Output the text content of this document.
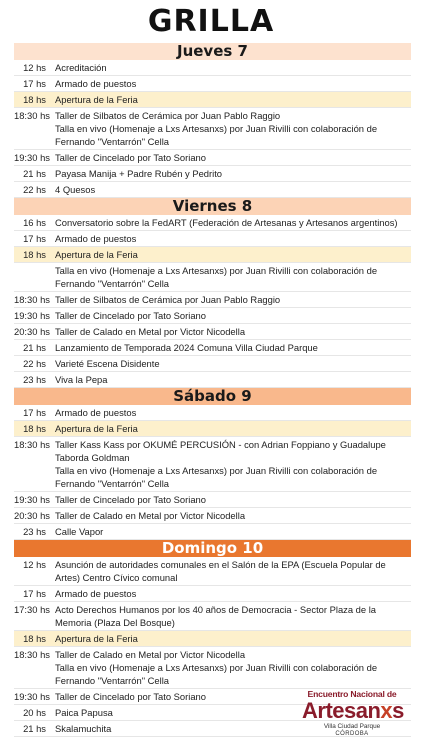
GRILLA
Jueves 7
12 hs Acreditación
17 hs Armado de puestos
18 hs Apertura de la Feria
18:30 hs Taller de Silbatos de Cerámica por Juan Pablo Raggio
Talla en vivo (Homenaje a Lxs Artesanxs) por Juan Rivilli con colaboración de Fernando "Ventarrón" Cella
19:30 hs Taller de Cincelado por Tato Soriano
21 hs Payasa Manija + Padre Rubén y Pedrito
22 hs 4 Quesos
Viernes 8
16 hs Conversatorio sobre la FedART (Federación de Artesanas y Artesanos argentinos)
17 hs Armado de puestos
18 hs Apertura de la Feria
Talla en vivo (Homenaje a Lxs Artesanxs) por Juan Rivilli con colaboración de Fernando "Ventarrón" Cella
18:30 hs Taller de Silbatos de Cerámica por Juan Pablo Raggio
19:30 hs Taller de Cincelado por Tato Soriano
20:30 hs Taller de Calado en Metal por Victor Nicodella
21 hs Lanzamiento de Temporada 2024 Comuna Villa Ciudad Parque
22 hs Varieté Escena Disidente
23 hs Viva la Pepa
Sábado 9
17 hs Armado de puestos
18 hs Apertura de la Feria
18:30 hs Taller Kass Kass por OKUMÉ PERCUSIÓN - con Adrian Foppiano y Guadalupe Taborda Goldman
Talla en vivo (Homenaje a Lxs Artesanxs) por Juan Rivilli con colaboración de Fernando "Ventarrón" Cella
19:30 hs Taller de Cincelado por Tato Soriano
20:30 hs Taller de Calado en Metal por Victor Nicodella
23 hs Calle Vapor
Domingo 10
12 hs Asunción de autoridades comunales en el Salón de la EPA (Escuela Popular de Artes) Centro Cívico comunal
17 hs Armado de puestos
17:30 hs Acto Derechos Humanos por los 40 años de Democracia - Sector Plaza de la Memoria (Plaza Del Bosque)
18 hs Apertura de la Feria
18:30 hs Taller de Calado en Metal por Victor Nicodella
Talla en vivo (Homenaje a Lxs Artesanxs) por Juan Rivilli con colaboración de Fernando "Ventarrón" Cella
19:30 hs Taller de Cincelado por Tato Soriano
20 hs Paica Papusa
21 hs Skalamuchita
Encuentro Nacional de
Artesanxs
Villa Ciudad Parque
CÓRDOBA
